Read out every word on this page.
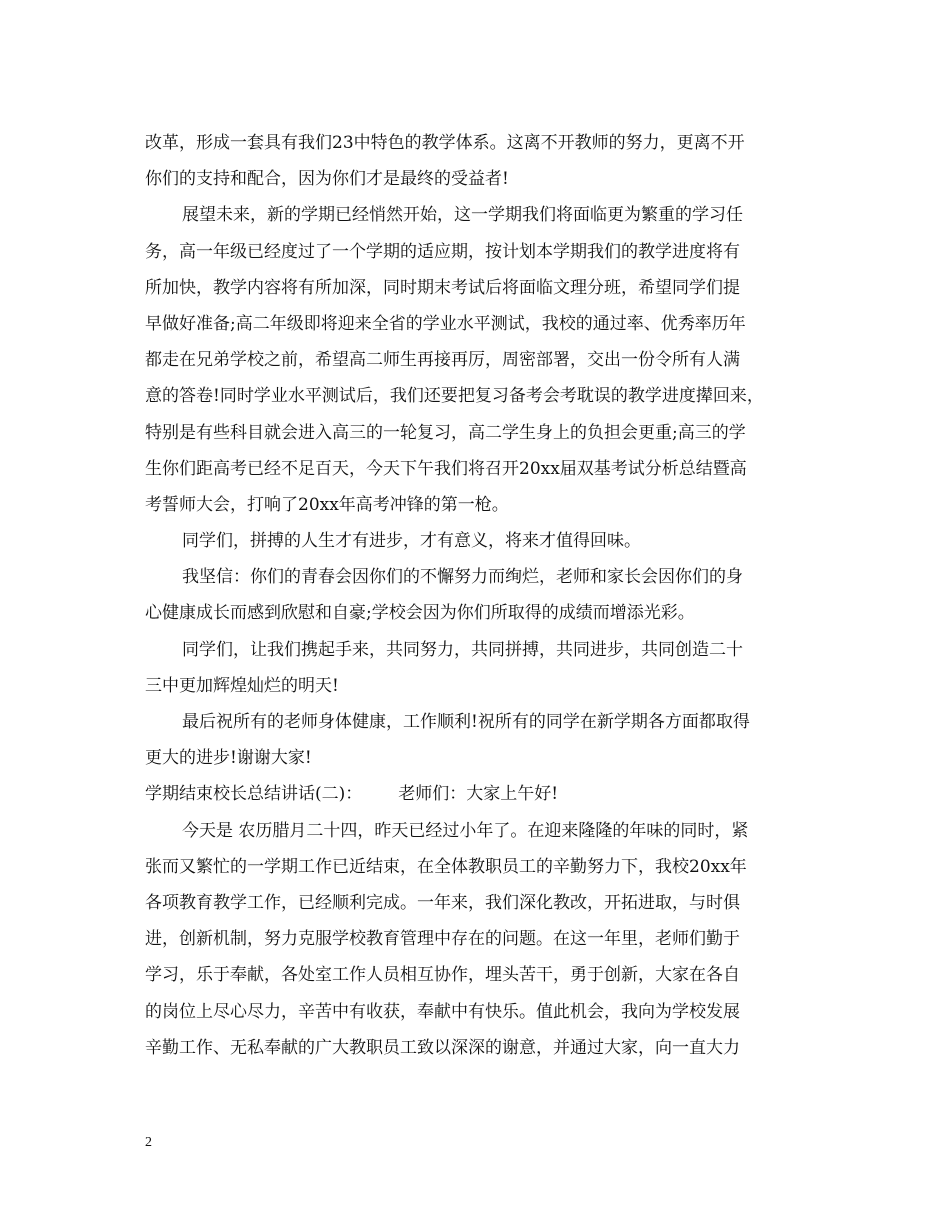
改革，形成一套具有我们23中特色的教学体系。这离不开教师的努力，更离不开
你们的支持和配合，因为你们才是最终的受益者!
展望未来，新的学期已经悄然开始，这一学期我们将面临更为繁重的学习任
务，高一年级已经度过了一个学期的适应期，按计划本学期我们的教学进度将有
所加快，教学内容将有所加深，同时期末考试后将面临文理分班，希望同学们提
早做好准备;高二年级即将迎来全省的学业水平测试，我校的通过率、优秀率历年
都走在兄弟学校之前，希望高二师生再接再厉，周密部署，交出一份令所有人满
意的答卷!同时学业水平测试后，我们还要把复习备考会考耽误的教学进度撵回来，
特别是有些科目就会进入高三的一轮复习，高二学生身上的负担会更重;高三的学
生你们距高考已经不足百天，今天下午我们将召开20xx届双基考试分析总结暨高
考誓师大会，打响了20xx年高考冲锋的第一枪。
同学们，拼搏的人生才有进步，才有意义，将来才值得回味。
我坚信：你们的青春会因你们的不懈努力而绚烂，老师和家长会因你们的身
心健康成长而感到欣慰和自豪;学校会因为你们所取得的成绩而增添光彩。
同学们，让我们携起手来，共同努力，共同拼搏，共同进步，共同创造二十
三中更加辉煌灿烂的明天!
最后祝所有的老师身体健康，工作顺利!祝所有的同学在新学期各方面都取得
更大的进步!谢谢大家!
学期结束校长总结讲话(二)： 老师们：大家上午好!
今天是 农历腊月二十四，昨天已经过小年了。在迎来隆隆的年味的同时，紧
张而又繁忙的一学期工作已近结束，在全体教职员工的辛勤努力下，我校20xx年
各项教育教学工作，已经顺利完成。一年来，我们深化教改，开拓进取，与时俱
进，创新机制，努力克服学校教育管理中存在的问题。在这一年里，老师们勤于
学习，乐于奉献，各处室工作人员相互协作，埋头苦干，勇于创新，大家在各自
的岗位上尽心尽力，辛苦中有收获，奉献中有快乐。值此机会，我向为学校发展
辛勤工作、无私奉献的广大教职员工致以深深的谢意，并通过大家，向一直大力
2
